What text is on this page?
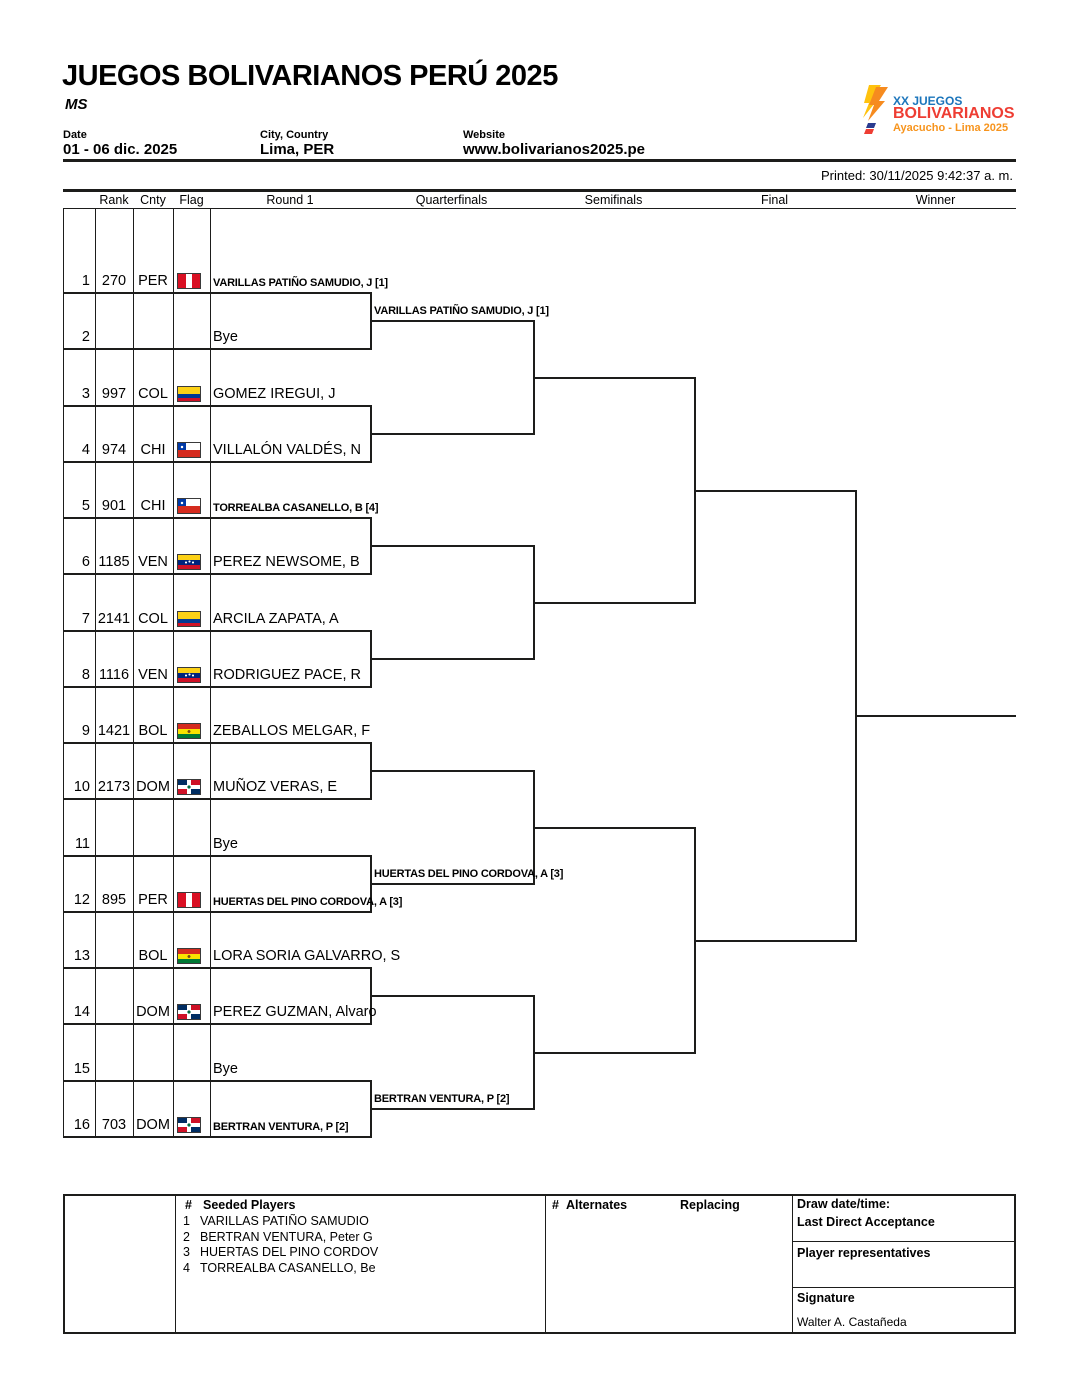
JUEGOS BOLIVARIANOS PERÚ 2025
MS
Date
01 - 06 dic. 2025
City, Country
Lima, PER
Website
www.bolivarianos2025.pe
XX JUEGOS
BOLIVARIANOS
Ayacucho - Lima 2025
Printed: 30/11/2025 9:42:37 a. m.
Rank Cnty	Flag	Round 1	Quarterfinals	Semifinals	Final	Winner
1 270 PER	VARILLAS PATIÑO SAMUDIO, J [1]
2	Bye
3 997 COL	GOMEZ IREGUI, J
4 974 CHI	VILLALÓN VALDÉS, N
5 901 CHI	TORREALBA CASANELLO, B [4]
6 1185 VEN	PEREZ NEWSOME, B
7 2141 COL	ARCILA ZAPATA, A
8 1116 VEN	RODRIGUEZ PACE, R
9 1421 BOL	ZEBALLOS MELGAR, F
10 2173 DOM	MUÑOZ VERAS, E
11	Bye
12 895 PER	HUERTAS DEL PINO CORDOVA, A [3]
13	BOL	LORA SORIA GALVARRO, S
14	DOM	PEREZ GUZMAN, Alvaro
15	Bye
16 703 DOM	BERTRAN VENTURA, P [2]
VARILLAS PATIÑO SAMUDIO, J [1]
HUERTAS DEL PINO CORDOVA, A [3]
BERTRAN VENTURA, P [2]
# Seeded Players
1 VARILLAS PATIÑO SAMUDIO
2 BERTRAN VENTURA, Peter G
3 HUERTAS DEL PINO CORDOV
4 TORREALBA CASANELLO, Be
# Alternates	Replacing	Draw date/time:
Last Direct Acceptance
Player representatives
Signature
Walter A. Castañeda
